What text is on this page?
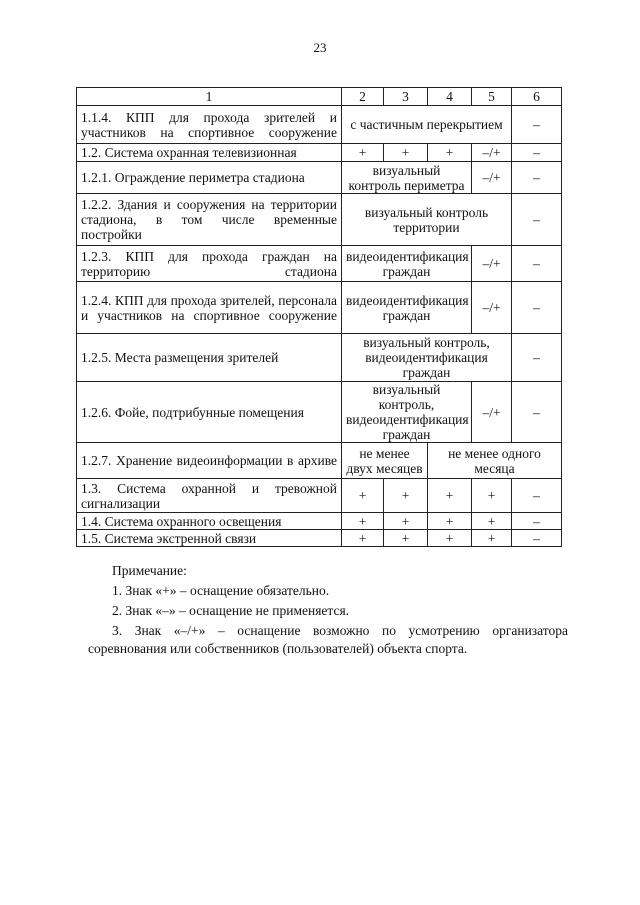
23
1	2	3	4	5	6
1.1.4. КПП для прохода зрителей и участников на спортивное сооружение	с частичным перекрытием				–
1.2. Система охранная телевизионная	+	+	+	–/+	–
1.2.1. Ограждение периметра стадиона	визуальный контроль периметра			–/+	–
1.2.2. Здания и сооружения на территории стадиона, в том числе временные постройки	визуальный контроль территории				–
1.2.3. КПП для прохода граждан на территорию стадиона	видеоидентификация граждан			–/+	–
1.2.4. КПП для прохода зрителей, персонала и участников на спортивное сооружение	видеоидентификация граждан			–/+	–
1.2.5. Места размещения зрителей	визуальный контроль, видеоидентификация граждан				–
1.2.6. Фойе, подтрибунные помещения	визуальный контроль, видеоидентификация граждан			–/+	–
1.2.7. Хранение видеоинформации в архиве	не менее двух месяцев		не менее одного месяца		
1.3. Система охранной и тревожной сигнализации	+	+	+	+	–
1.4. Система охранного освещения	+	+	+	+	–
1.5. Система экстренной связи	+	+	+	+	–
Примечание:
1. Знак «+» – оснащение обязательно.
2. Знак «–» – оснащение не применяется.
3. Знак «–/+» – оснащение возможно по усмотрению организатора соревнования или собственников (пользователей) объекта спорта.
